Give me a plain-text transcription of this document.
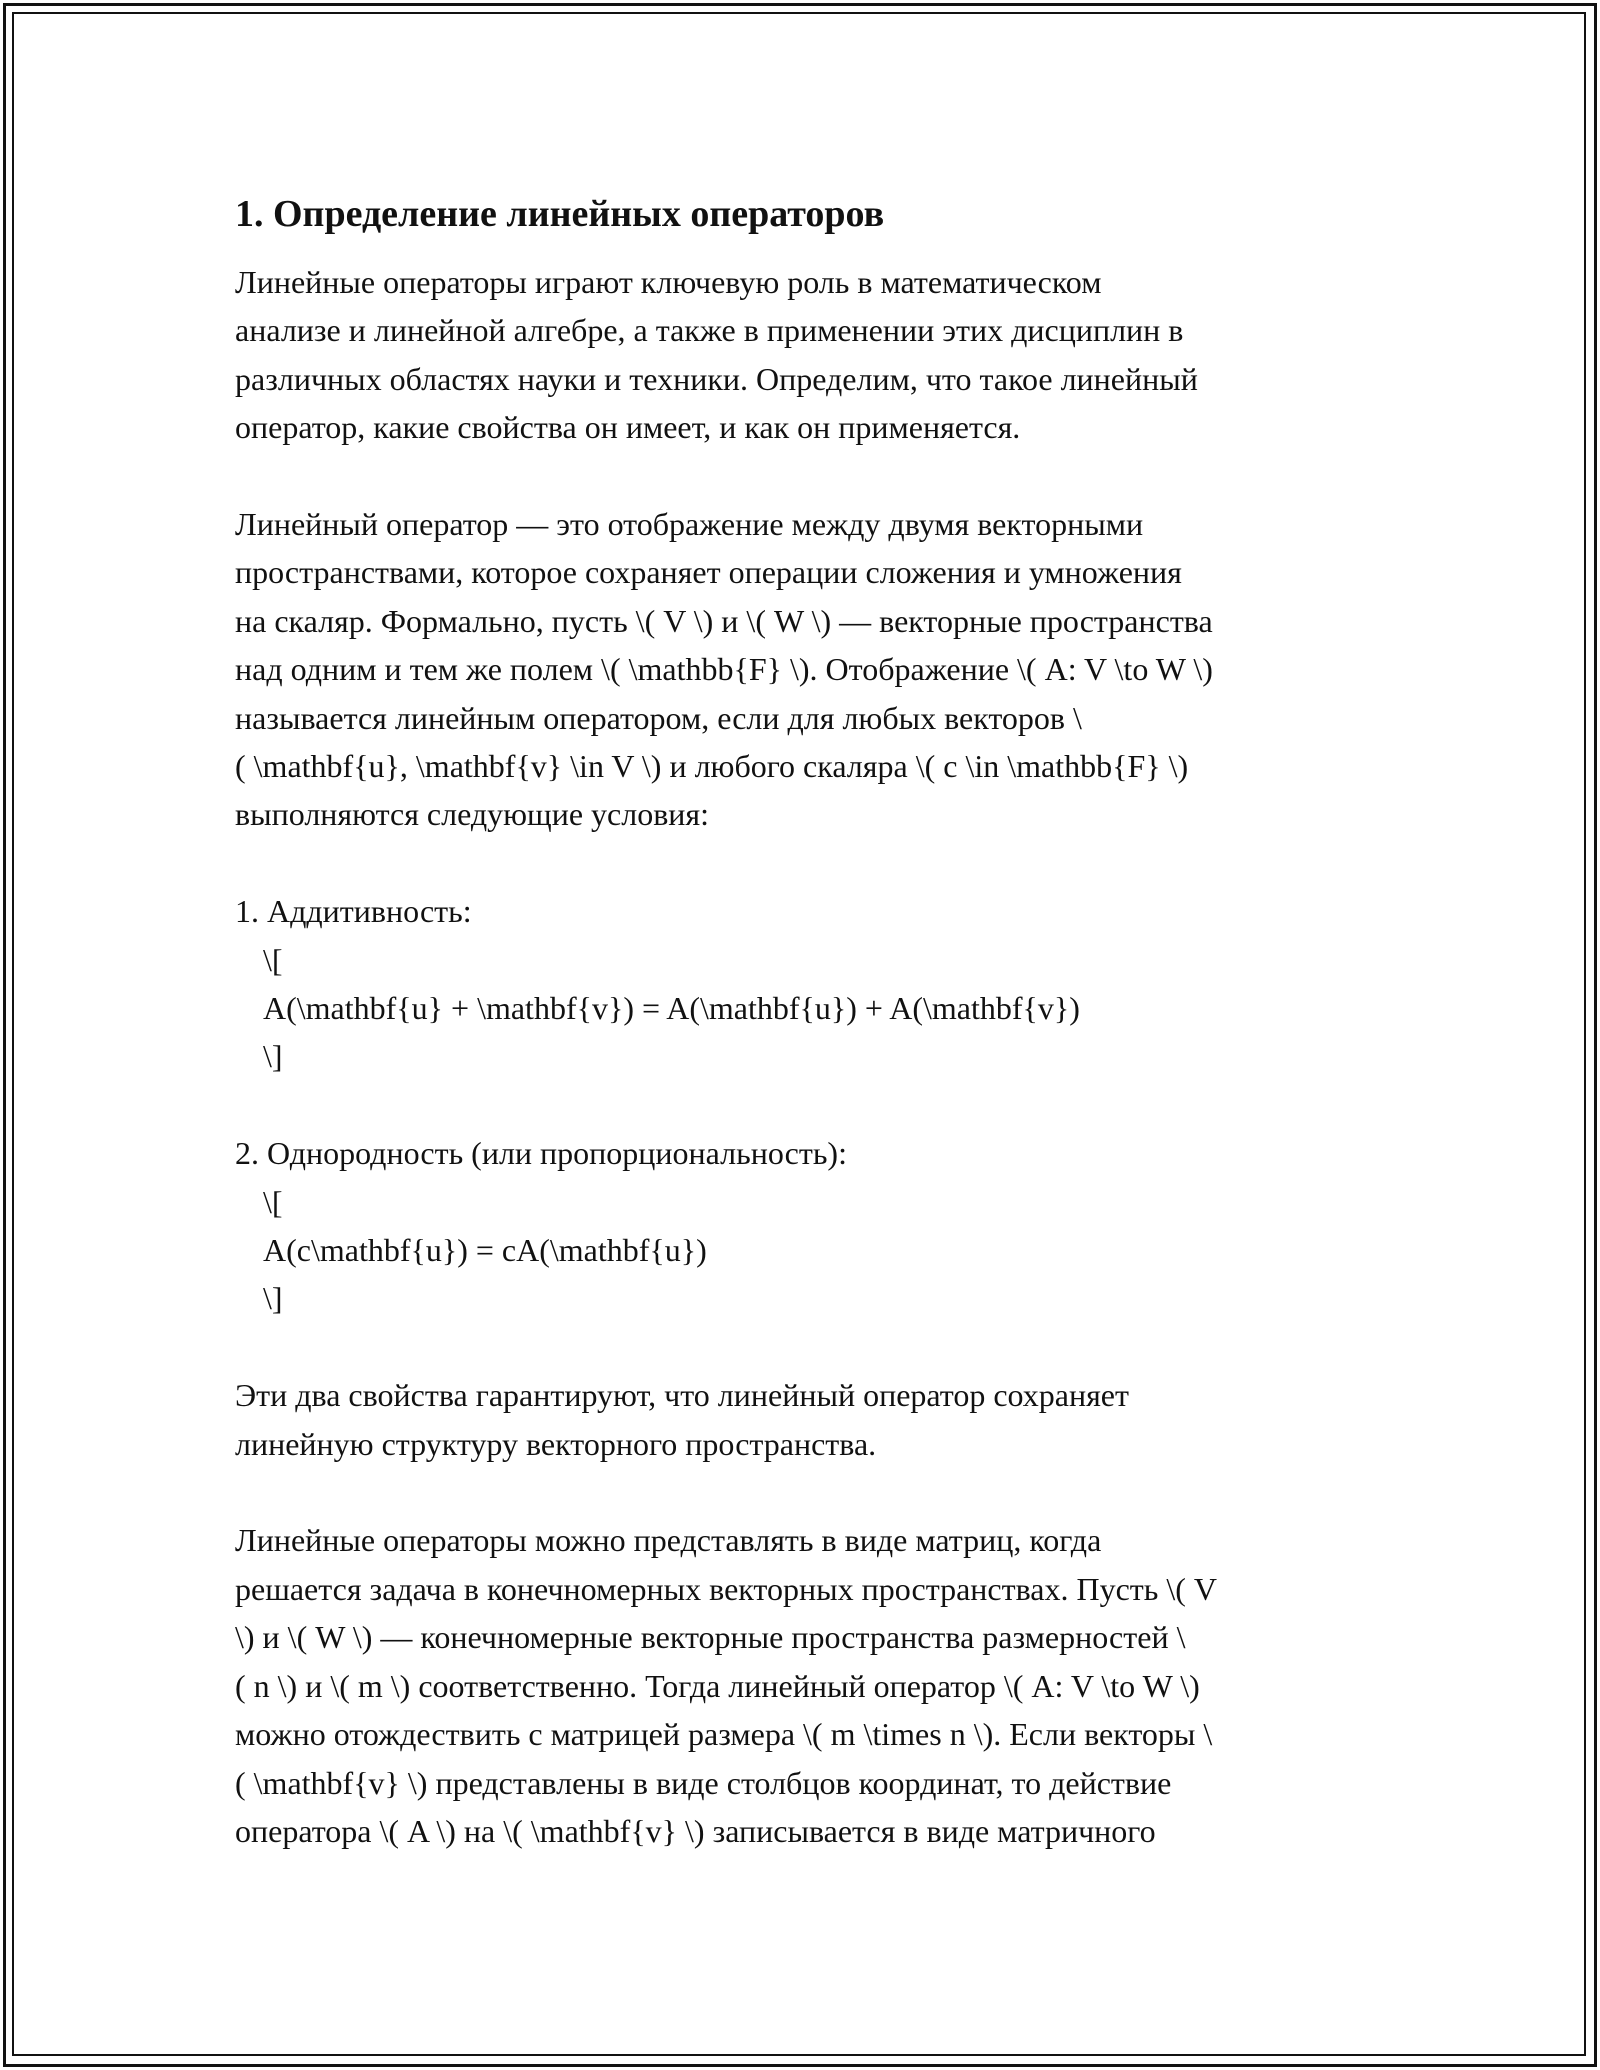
1. Определение линейных операторов
Линейные операторы играют ключевую роль в математическом
анализе и линейной алгебре, а также в применении этих дисциплин в
различных областях науки и техники. Определим, что такое линейный
оператор, какие свойства он имеет, и как он применяется.
Линейный оператор — это отображение между двумя векторными
пространствами, которое сохраняет операции сложения и умножения
на скаляр. Формально, пусть \( V \) и \( W \) — векторные пространства
над одним и тем же полем \( \mathbb{F} \). Отображение \( A: V \to W \)
называется линейным оператором, если для любых векторов \
( \mathbf{u}, \mathbf{v} \in V \) и любого скаляра \( c \in \mathbb{F} \)
выполняются следующие условия:
1. Аддитивность:
\[
A(\mathbf{u} + \mathbf{v}) = A(\mathbf{u}) + A(\mathbf{v})
\]
2. Однородность (или пропорциональность):
\[
A(c\mathbf{u}) = cA(\mathbf{u})
\]
Эти два свойства гарантируют, что линейный оператор сохраняет
линейную структуру векторного пространства.
Линейные операторы можно представлять в виде матриц, когда
решается задача в конечномерных векторных пространствах. Пусть \( V
\) и \( W \) — конечномерные векторные пространства размерностей \
( n \) и \( m \) соответственно. Тогда линейный оператор \( A: V \to W \)
можно отождествить с матрицей размера \( m \times n \). Если векторы \
( \mathbf{v} \) представлены в виде столбцов координат, то действие
оператора \( A \) на \( \mathbf{v} \) записывается в виде матричного
